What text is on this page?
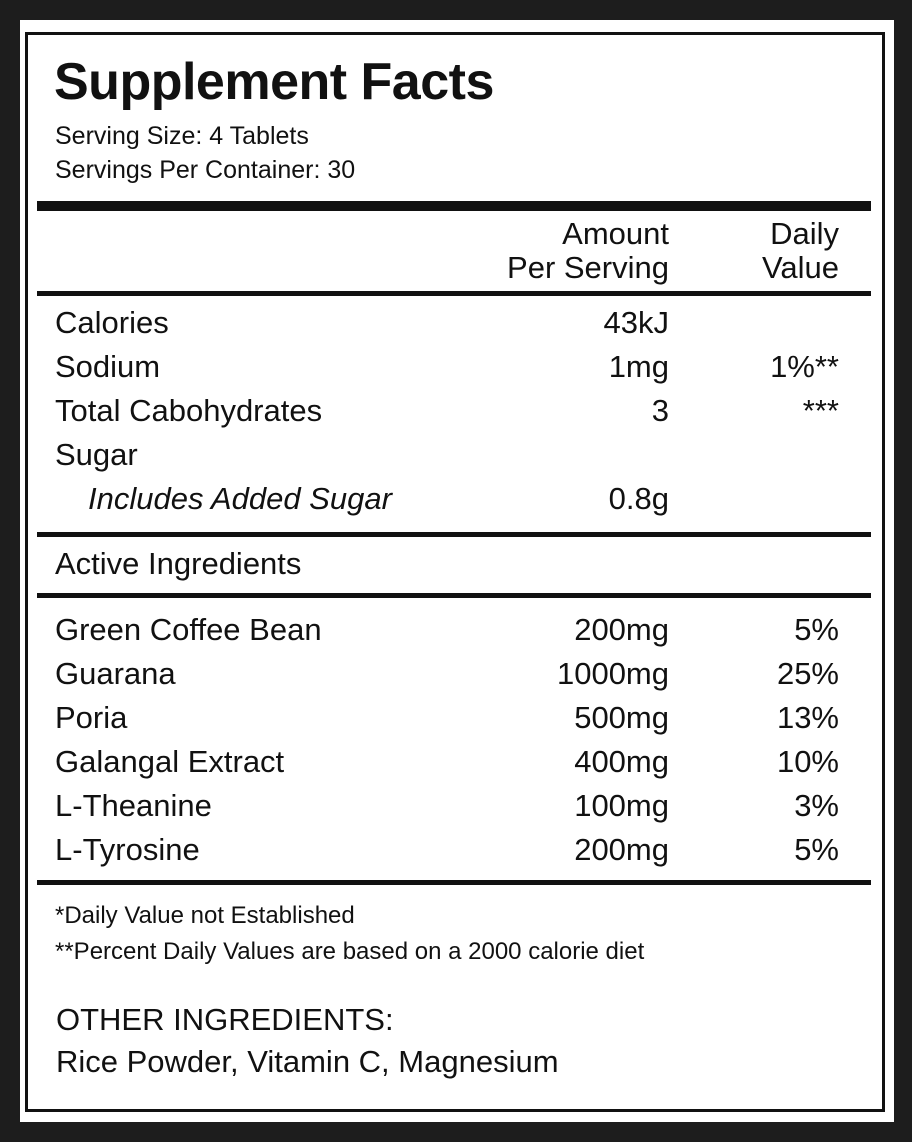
Supplement Facts
Serving Size: 4 Tablets
Servings Per Container: 30
Amount
Per Serving
Daily
Value
Calories	43kJ
Sodium	1mg	1%**
Total Cabohydrates	3	***
Sugar
Includes Added Sugar	0.8g
Active Ingredients
Green Coffee Bean	200mg	5%
Guarana	1000mg	25%
Poria	500mg	13%
Galangal Extract	400mg	10%
L-Theanine	100mg	3%
L-Tyrosine	200mg	5%
*Daily Value not Established
**Percent Daily Values are based on a 2000 calorie diet
OTHER INGREDIENTS:
Rice Powder, Vitamin C, Magnesium
